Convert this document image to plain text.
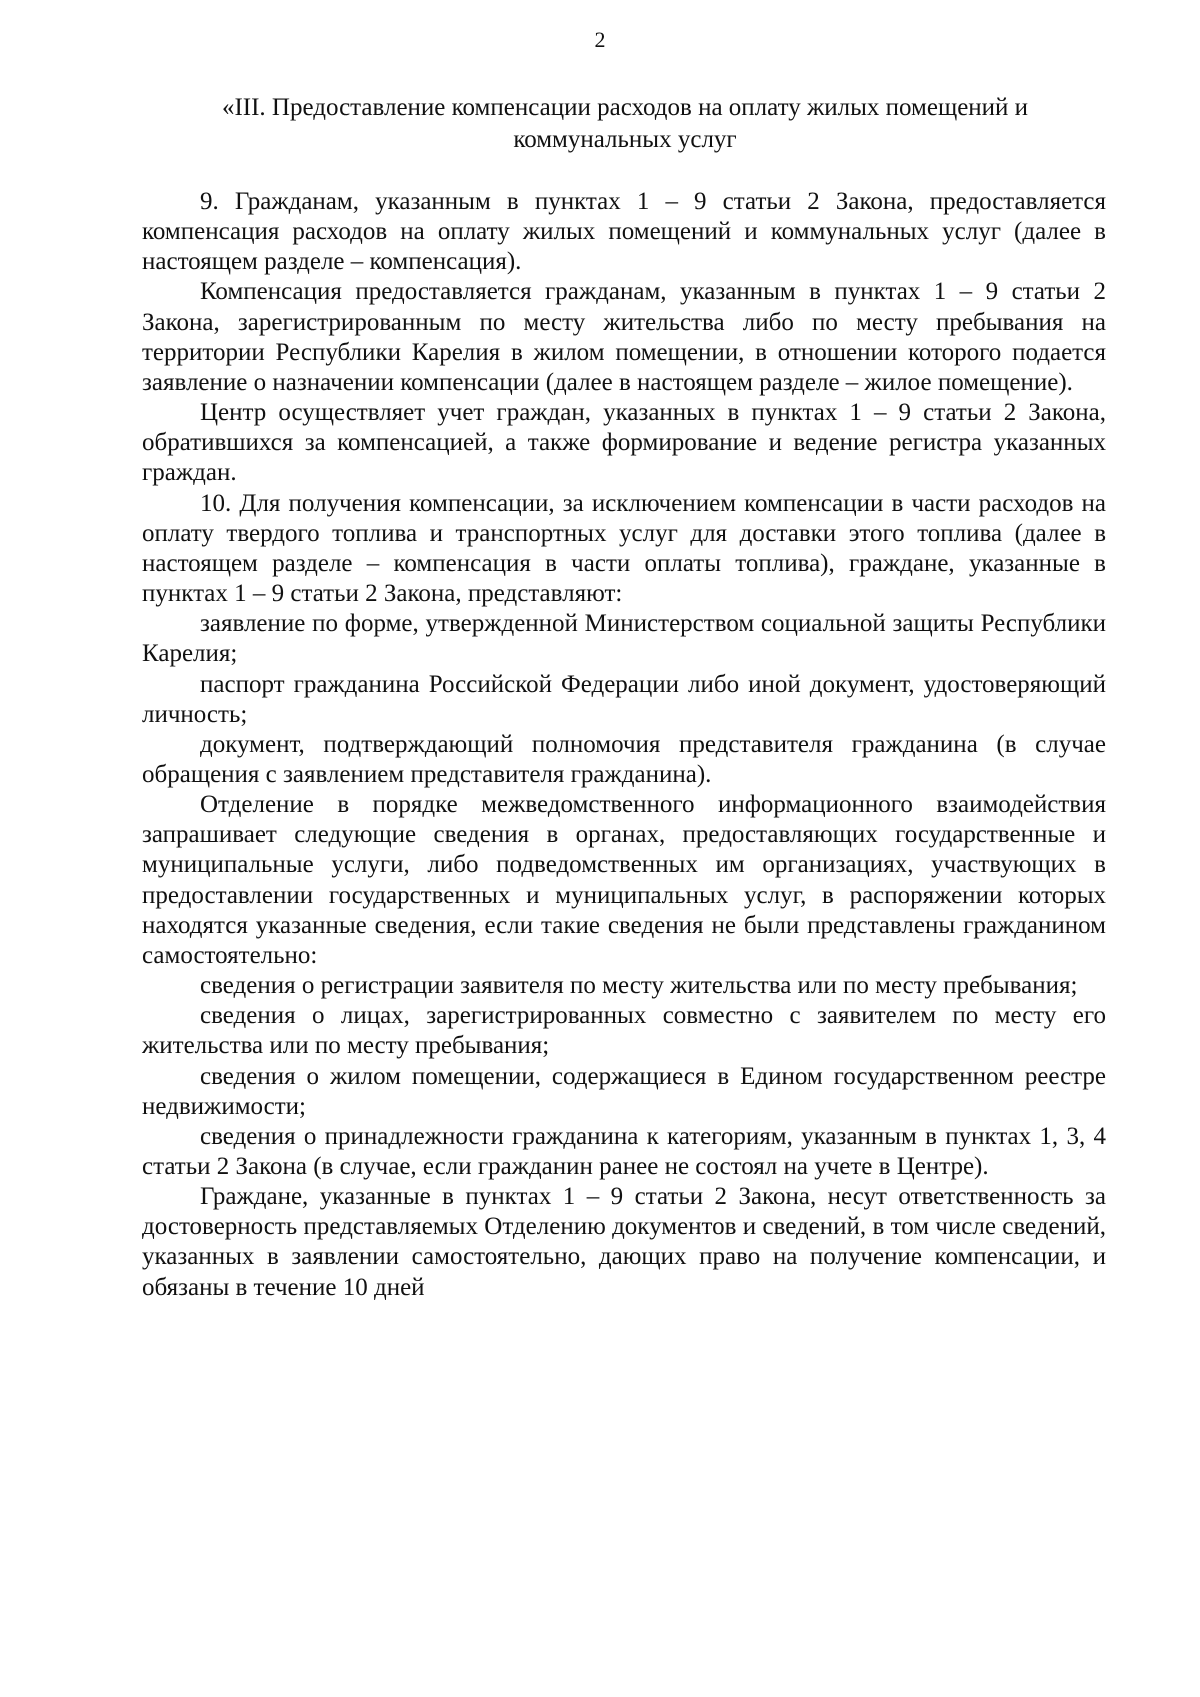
2
«III. Предоставление компенсации расходов на оплату жилых помещений и коммунальных услуг

9. Гражданам, указанным в пунктах 1 – 9 статьи 2 Закона, предоставляется компенсация расходов на оплату жилых помещений и коммунальных услуг (далее в настоящем разделе – компенсация).

Компенсация предоставляется гражданам, указанным в пунктах 1 – 9 статьи 2 Закона, зарегистрированным по месту жительства либо по месту пребывания на территории Республики Карелия в жилом помещении, в отношении которого подается заявление о назначении компенсации (далее в настоящем разделе – жилое помещение).

Центр осуществляет учет граждан, указанных в пунктах 1 – 9 статьи 2 Закона, обратившихся за компенсацией, а также формирование и ведение регистра указанных граждан.

10. Для получения компенсации, за исключением компенсации в части расходов на оплату твердого топлива и транспортных услуг для доставки этого топлива (далее в настоящем разделе – компенсация в части оплаты топлива), граждане, указанные в пунктах 1 – 9 статьи 2 Закона, представляют:

заявление по форме, утвержденной Министерством социальной защиты Республики Карелия;

паспорт гражданина Российской Федерации либо иной документ, удостоверяющий личность;

документ, подтверждающий полномочия представителя гражданина (в случае обращения с заявлением представителя гражданина).

Отделение в порядке межведомственного информационного взаимодействия запрашивает следующие сведения в органах, предоставляющих государственные и муниципальные услуги, либо подведомственных им организациях, участвующих в предоставлении государственных и муниципальных услуг, в распоряжении которых находятся указанные сведения, если такие сведения не были представлены гражданином самостоятельно:

сведения о регистрации заявителя по месту жительства или по месту пребывания;

сведения о лицах, зарегистрированных совместно с заявителем по месту его жительства или по месту пребывания;

сведения о жилом помещении, содержащиеся в Едином государственном реестре недвижимости;

сведения о принадлежности гражданина к категориям, указанным в пунктах 1, 3, 4 статьи 2 Закона (в случае, если гражданин ранее не состоял на учете в Центре).

Граждане, указанные в пунктах 1 – 9 статьи 2 Закона, несут ответственность за достоверность представляемых Отделению документов и сведений, в том числе сведений, указанных в заявлении самостоятельно, дающих право на получение компенсации, и обязаны в течение 10 дней
